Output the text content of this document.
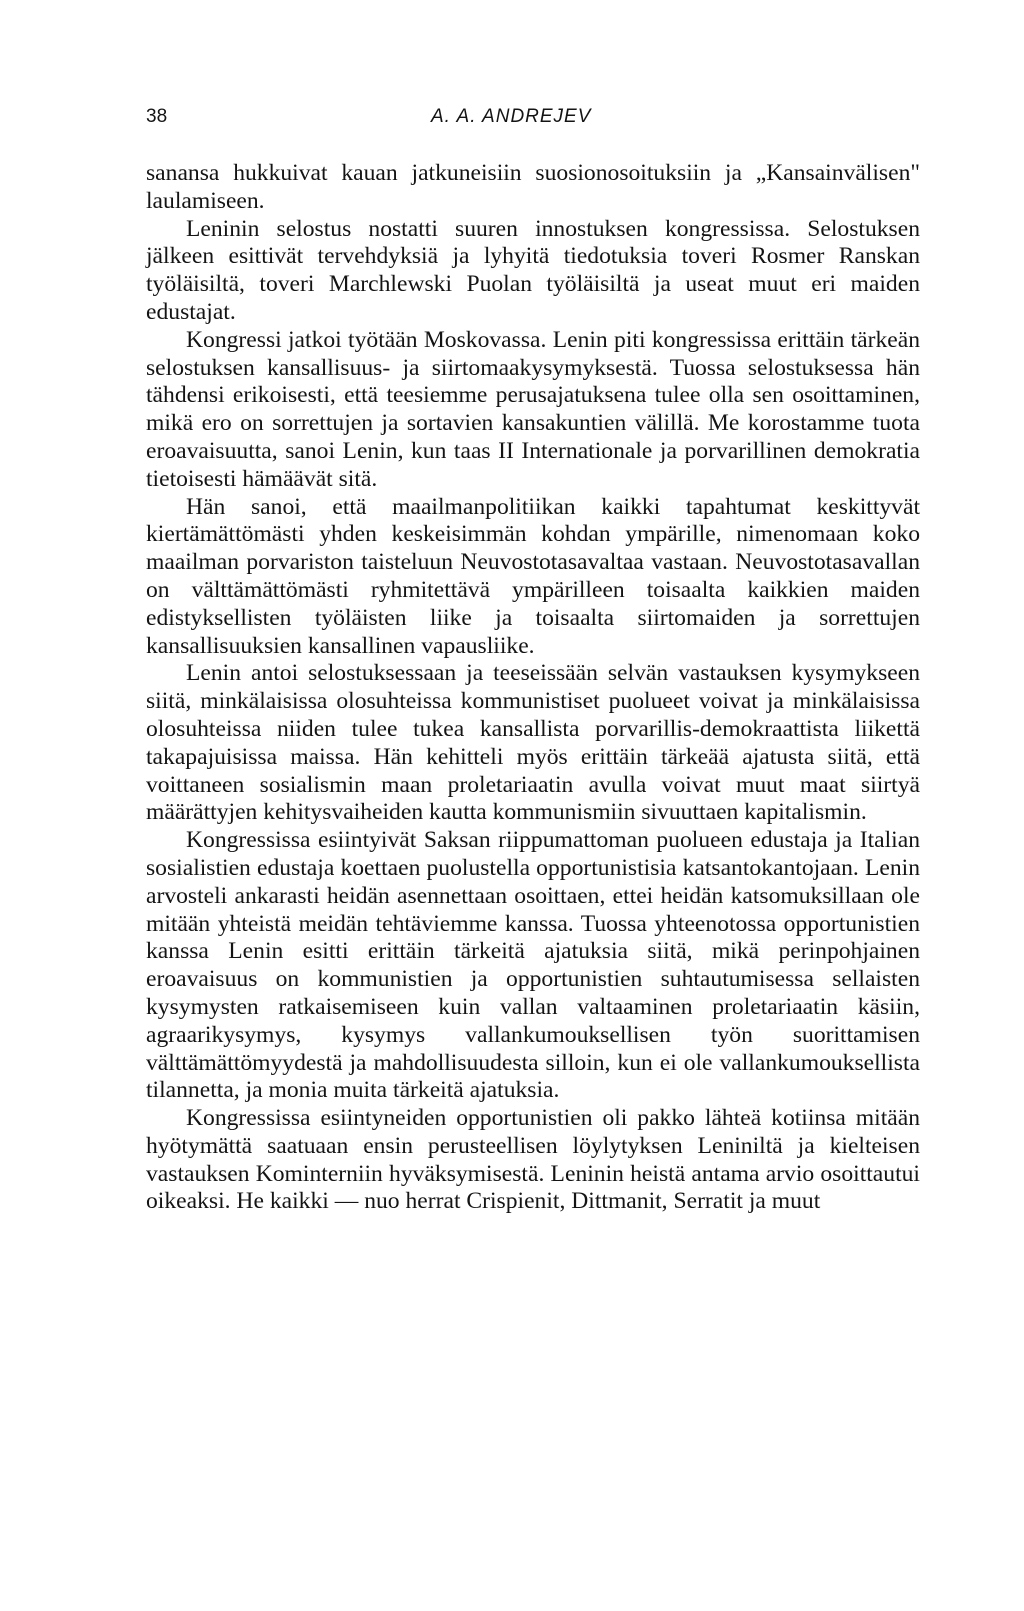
38	A. A. ANDREJEV

sanansa hukkuivat kauan jatkuneisiin suosionosoituksiin ja „Kansainvälisen" laulamiseen.

Leninin selostus nostatti suuren innostuksen kongressissa. Selostuksen jälkeen esittivät tervehdyksiä ja lyhyitä tiedotuksia toveri Rosmer Ranskan työläisiltä, toveri Marchlewski Puolan työläisiltä ja useat muut eri maiden edustajat.

Kongressi jatkoi työtään Moskovassa. Lenin piti kongressissa erittäin tärkeän selostuksen kansallisuus- ja siirtomaakysymyksestä. Tuossa selostuksessa hän tähdensi erikoisesti, että teesiemme perusajatuksena tulee olla sen osoittaminen, mikä ero on sorrettujen ja sortavien kansakuntien välillä. Me korostamme tuota eroavaisuutta, sanoi Lenin, kun taas II Internationale ja porvarillinen demokratia tietoisesti hämäävät sitä.

Hän sanoi, että maailmanpolitiikan kaikki tapahtumat keskittyvät kiertämättömästi yhden keskeisimmän kohdan ympärille, nimenomaan koko maailman porvariston taisteluun Neuvostotasavaltaa vastaan. Neuvostotasavallan on välttämättömästi ryhmitettävä ympärilleen toisaalta kaikkien maiden edistyksellisten työläisten liike ja toisaalta siirtomaiden ja sorrettujen kansallisuuksien kansallinen vapausliike.

Lenin antoi selostuksessaan ja teeseissään selvän vastauksen kysymykseen siitä, minkälaisissa olosuhteissa kommunistiset puolueet voivat ja minkälaisissa olosuhteissa niiden tulee tukea kansallista porvarillis-demokraattista liikettä takapajuisissa maissa. Hän kehitteli myös erittäin tärkeää ajatusta siitä, että voittaneen sosialismin maan proletariaatin avulla voivat muut maat siirtyä määrättyjen kehitysvaiheiden kautta kommunismiin sivuuttaen kapitalismin.

Kongressissa esiintyivät Saksan riippumattoman puolueen edustaja ja Italian sosialistien edustaja koettaen puolustella opportunistisia katsantokantojaan. Lenin arvosteli ankarasti heidän asennettaan osoittaen, ettei heidän katsomuksillaan ole mitään yhteistä meidän tehtäviemme kanssa. Tuossa yhteenotossa opportunistien kanssa Lenin esitti erittäin tärkeitä ajatuksia siitä, mikä perinpohjainen eroavaisuus on kommunistien ja opportunistien suhtautumisessa sellaisten kysymysten ratkaisemiseen kuin vallan valtaaminen proletariaatin käsiin, agraarikysymys, kysymys vallankumouksellisen työn suorittamisen välttämättömyydestä ja mahdollisuudesta silloin, kun ei ole vallankumouksellista tilannetta, ja monia muita tärkeitä ajatuksia.

Kongressissa esiintyneiden opportunistien oli pakko lähteä kotiinsa mitään hyötymättä saatuaan ensin perusteellisen löylytyksen Leniniltä ja kielteisen vastauksen Kominterniin hyväksymisestä. Leninin heistä antama arvio osoittautui oikeaksi. He kaikki — nuo herrat Crispienit, Dittmanit, Serratit ja muut
